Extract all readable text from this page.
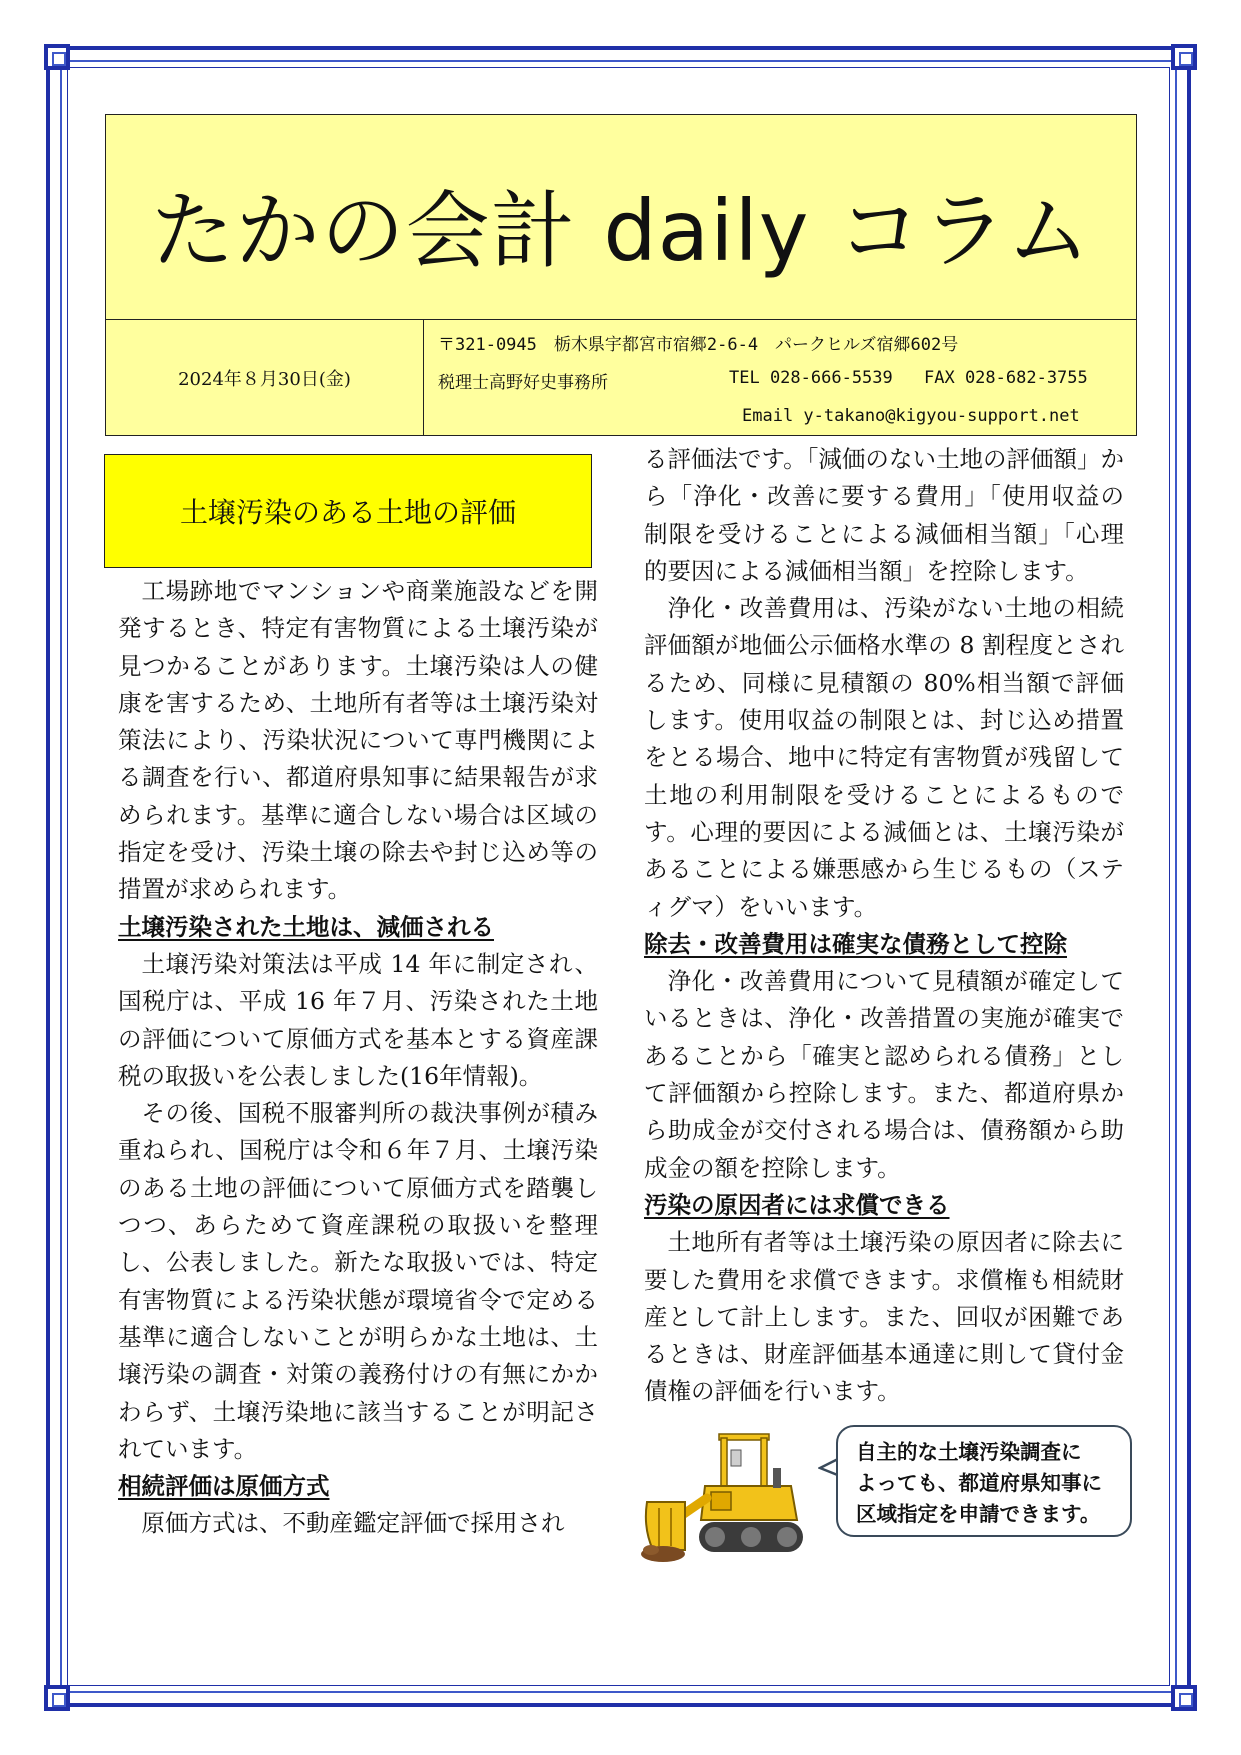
たかの会計 daily コラム
2024年８月30日(金)
〒321-0945　栃木県宇都宮市宿郷2-6-4　パークヒルズ宿郷602号
税理士高野好史事務所	TEL 028-666-5539 FAX 028-682-3755
Email y-takano@kigyou-support.net
土壌汚染のある土地の評価

工場跡地でマンションや商業施設などを開発するとき、特定有害物質による土壌汚染が見つかることがあります。土壌汚染は人の健康を害するため、土地所有者等は土壌汚染対策法により、汚染状況について専門機関による調査を行い、都道府県知事に結果報告が求められます。基準に適合しない場合は区域の指定を受け、汚染土壌の除去や封じ込め等の措置が求められます。

土壌汚染された土地は、減価される

土壌汚染対策法は平成 14 年に制定され、国税庁は、平成 16 年７月、汚染された土地の評価について原価方式を基本とする資産課税の取扱いを公表しました(16年情報)。

その後、国税不服審判所の裁決事例が積み重ねられ、国税庁は令和６年７月、土壌汚染のある土地の評価について原価方式を踏襲しつつ、あらためて資産課税の取扱いを整理し、公表しました。新たな取扱いでは、特定有害物質による汚染状態が環境省令で定める基準に適合しないことが明らかな土地は、土壌汚染の調査・対策の義務付けの有無にかかわらず、土壌汚染地に該当することが明記されています。

相続評価は原価方式

原価方式は、不動産鑑定評価で採用され

る評価法です。「減価のない土地の評価額」から「浄化・改善に要する費用」「使用収益の制限を受けることによる減価相当額」「心理的要因による減価相当額」を控除します。

浄化・改善費用は、汚染がない土地の相続評価額が地価公示価格水準の 8 割程度とされるため、同様に見積額の 80%相当額で評価します。使用収益の制限とは、封じ込め措置をとる場合、地中に特定有害物質が残留して土地の利用制限を受けることによるものです。心理的要因による減価とは、土壌汚染があることによる嫌悪感から生じるもの（スティグマ）をいいます。

除去・改善費用は確実な債務として控除

浄化・改善費用について見積額が確定しているときは、浄化・改善措置の実施が確実であることから「確実と認められる債務」として評価額から控除します。また、都道府県から助成金が交付される場合は、債務額から助成金の額を控除します。

汚染の原因者には求償できる

土地所有者等は土壌汚染の原因者に除去に要した費用を求償できます。求償権も相続財産として計上します。また、回収が困難であるときは、財産評価基本通達に則して貸付金債権の評価を行います。

自主的な土壌汚染調査に
よっても、都道府県知事に
区域指定を申請できます。
